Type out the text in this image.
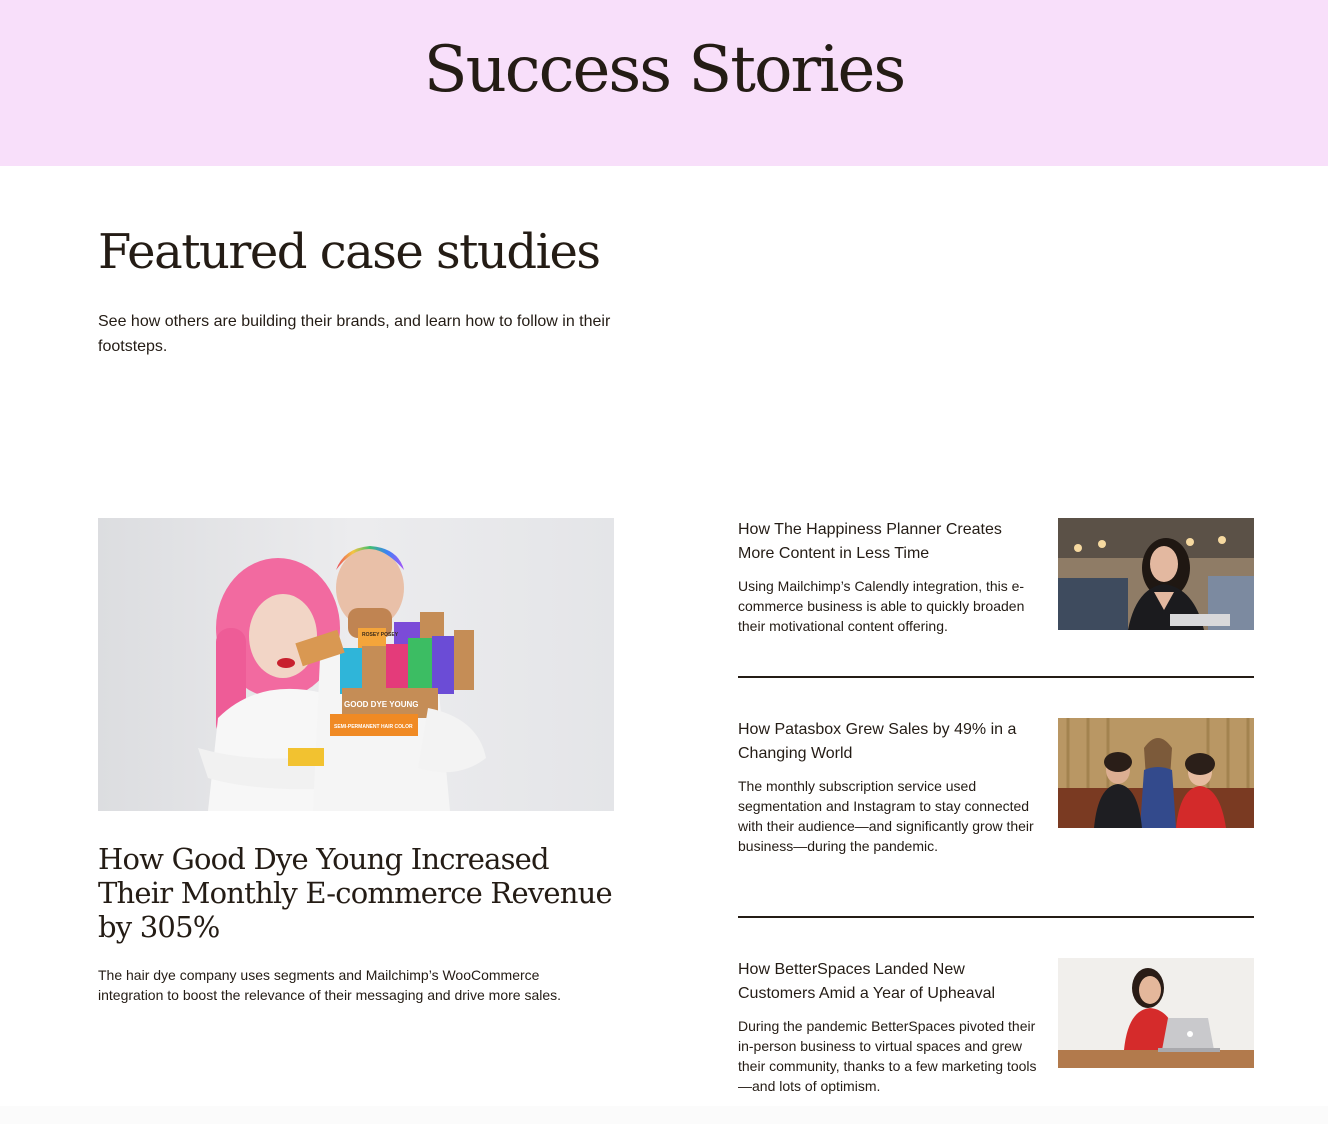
Success Stories
Featured case studies

See how others are building their brands, and learn how to follow in their footsteps.

GOOD DYE YOUNG
ROSEY POSEY
SEMI-PERMANENT HAIR COLOR
How Good Dye Young Increased Their Monthly E-commerce Revenue by 305%

The hair dye company uses segments and Mailchimp’s WooCommerce integration to boost the relevance of their messaging and drive more sales.

How The Happiness Planner Creates More Content in Less Time

Using Mailchimp’s Calendly integration, this e-commerce business is able to quickly broaden their motivational content offering.

How Patasbox Grew Sales by 49% in a Changing World

The monthly subscription service used segmentation and Instagram to stay connected with their audience—and significantly grow their business—during the pandemic.

How BetterSpaces Landed New Customers Amid a Year of Upheaval

During the pandemic BetterSpaces pivoted their in-person business to virtual spaces and grew their community, thanks to a few marketing tools—and lots of optimism.
